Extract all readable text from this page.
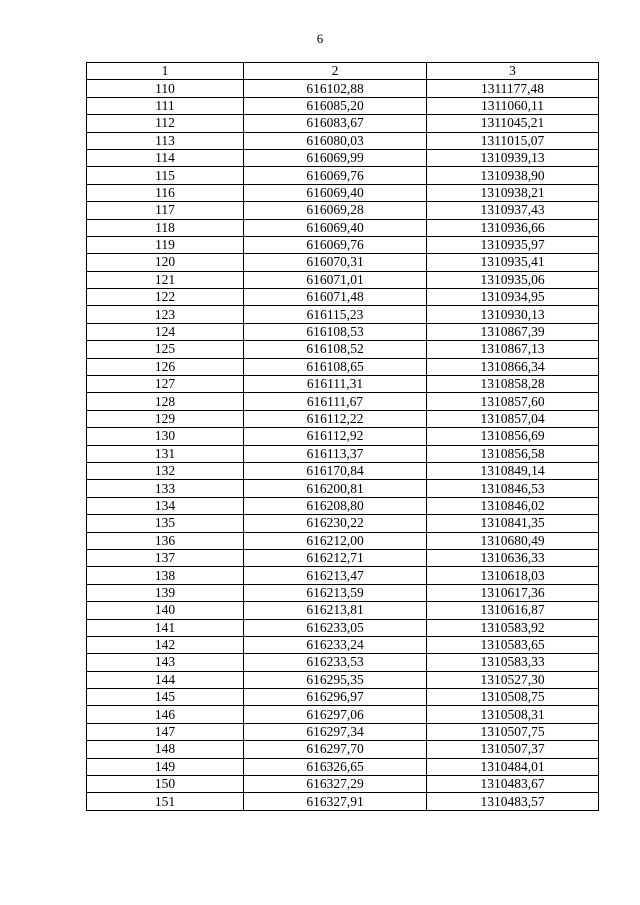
6
1	2	3
110	616102,88	1311177,48
111	616085,20	1311060,11
112	616083,67	1311045,21
113	616080,03	1311015,07
114	616069,99	1310939,13
115	616069,76	1310938,90
116	616069,40	1310938,21
117	616069,28	1310937,43
118	616069,40	1310936,66
119	616069,76	1310935,97
120	616070,31	1310935,41
121	616071,01	1310935,06
122	616071,48	1310934,95
123	616115,23	1310930,13
124	616108,53	1310867,39
125	616108,52	1310867,13
126	616108,65	1310866,34
127	616111,31	1310858,28
128	616111,67	1310857,60
129	616112,22	1310857,04
130	616112,92	1310856,69
131	616113,37	1310856,58
132	616170,84	1310849,14
133	616200,81	1310846,53
134	616208,80	1310846,02
135	616230,22	1310841,35
136	616212,00	1310680,49
137	616212,71	1310636,33
138	616213,47	1310618,03
139	616213,59	1310617,36
140	616213,81	1310616,87
141	616233,05	1310583,92
142	616233,24	1310583,65
143	616233,53	1310583,33
144	616295,35	1310527,30
145	616296,97	1310508,75
146	616297,06	1310508,31
147	616297,34	1310507,75
148	616297,70	1310507,37
149	616326,65	1310484,01
150	616327,29	1310483,67
151	616327,91	1310483,57
